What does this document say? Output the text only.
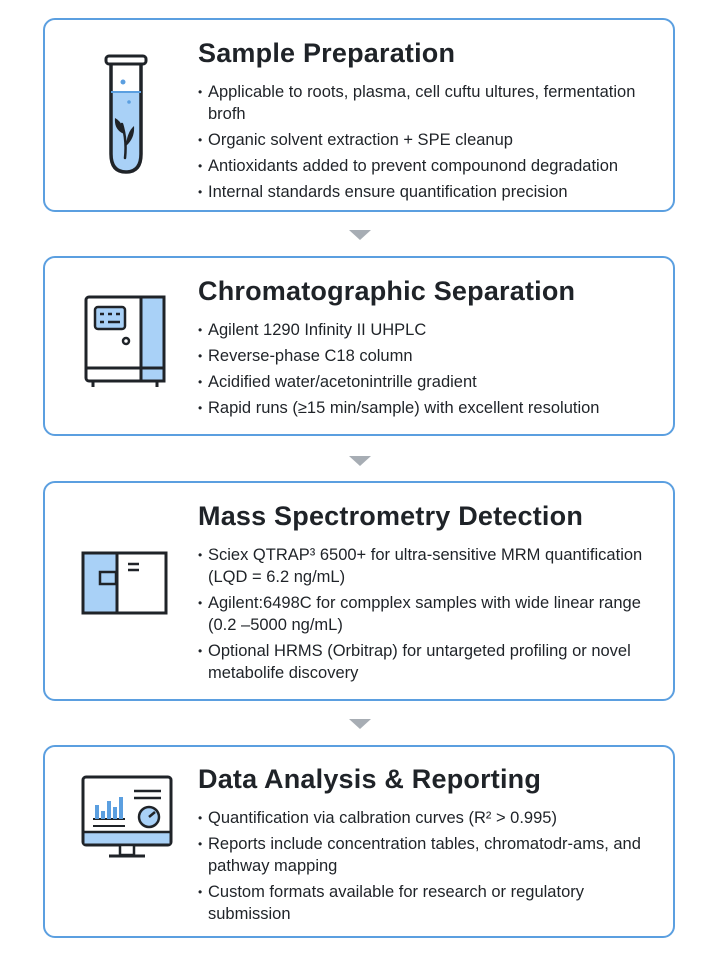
Sample Preparation
• Applicable to roots, plasma, cell cuftu ultures, fermentation brofh
• Organic solvent extraction + SPE cleanup
• Antioxidants added to prevent compounond degradation
• Internal standards ensure quantification precision
Chromatographic Separation
• Agilent 1290 Infinity II UHPLC
• Reverse-phase C18 column
• Acidified water/acetonintrille gradient
• Rapid runs (≥15 min/sample) with excellent resolution
Mass Spectrometry Detection
• Sciex QTRAP³ 6500+ for ultra-sensitive MRM quantification (LQD = 6.2 ng/mL)
• Agilent:6498C for compplex samples with wide linear range (0.2 –5000 ng/mL)
• Optional HRMS (Orbitrap) for untargeted profiling or novel metabolife discovery
Data Analysis & Reporting
• Quantification via calbration curves (R² > 0.995)
• Reports include concentration tables, chromatodr-ams, and pathway mapping
• Custom formats available for research or regulatory submission
